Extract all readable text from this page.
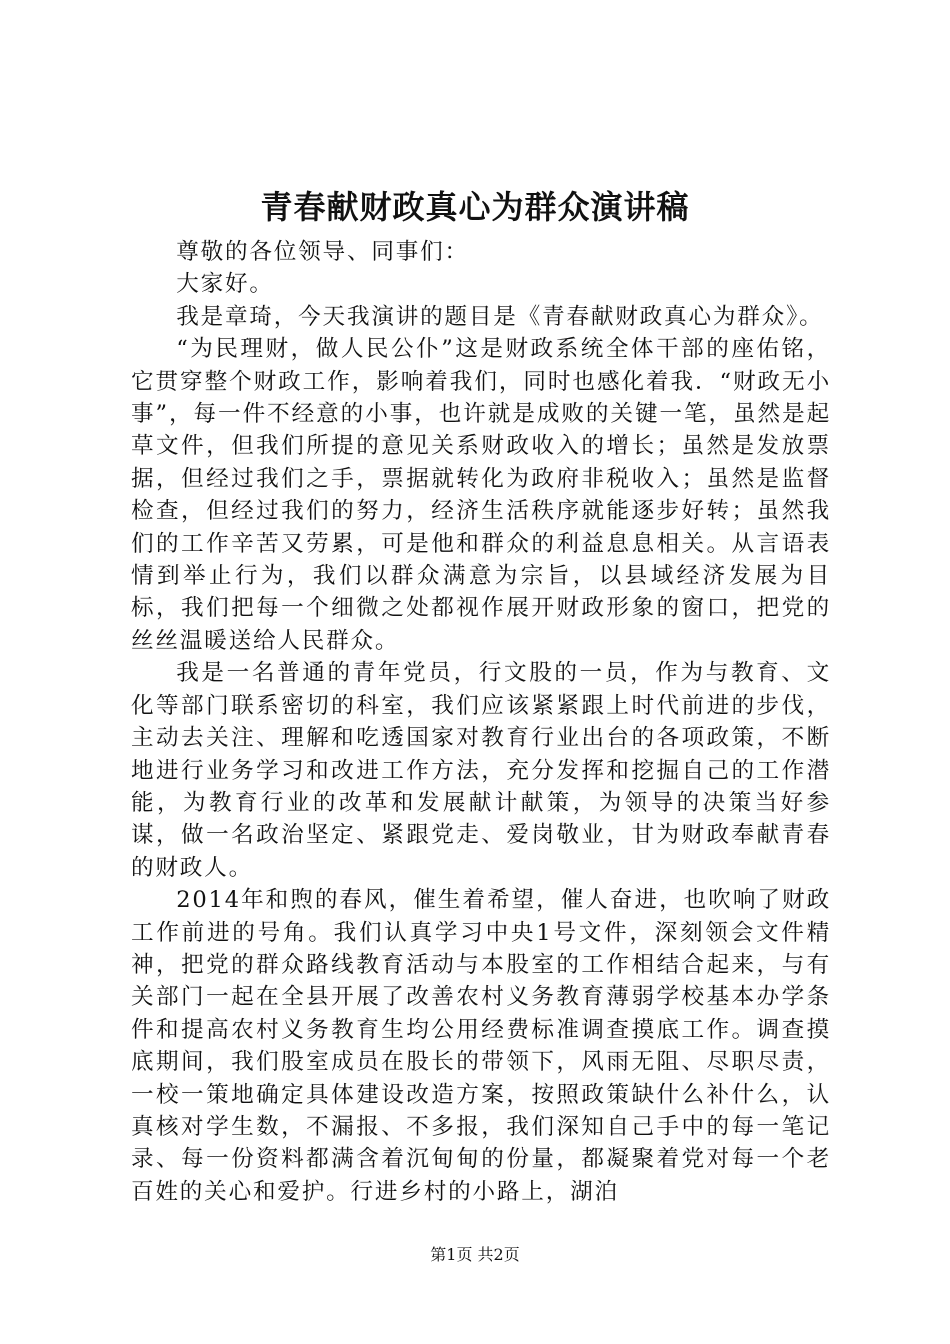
青春献财政真心为群众演讲稿

尊敬的各位领导、同事们：

大家好。

我是章琦，今天我演讲的题目是《青春献财政真心为群众》。

“为民理财，做人民公仆”这是财政系统全体干部的座佑铭，它贯穿整个财政工作，影响着我们，同时也感化着我．“财政无小事”，每一件不经意的小事，也许就是成败的关键一笔，虽然是起草文件，但我们所提的意见关系财政收入的增长；虽然是发放票据，但经过我们之手，票据就转化为政府非税收入；虽然是监督检查，但经过我们的努力，经济生活秩序就能逐步好转；虽然我们的工作辛苦又劳累，可是他和群众的利益息息相关。从言语表情到举止行为，我们以群众满意为宗旨，以县域经济发展为目标，我们把每一个细微之处都视作展开财政形象的窗口，把党的丝丝温暖送给人民群众。

我是一名普通的青年党员，行文股的一员，作为与教育、文化等部门联系密切的科室，我们应该紧紧跟上时代前进的步伐，主动去关注、理解和吃透国家对教育行业出台的各项政策，不断地进行业务学习和改进工作方法，充分发挥和挖掘自己的工作潜能，为教育行业的改革和发展献计献策，为领导的决策当好参谋，做一名政治坚定、紧跟党走、爱岗敬业，甘为财政奉献青春的财政人。

2014年和煦的春风，催生着希望，催人奋进，也吹响了财政工作前进的号角。我们认真学习中央1号文件，深刻领会文件精神，把党的群众路线教育活动与本股室的工作相结合起来，与有关部门一起在全县开展了改善农村义务教育薄弱学校基本办学条件和提高农村义务教育生均公用经费标准调查摸底工作。调查摸底期间，我们股室成员在股长的带领下，风雨无阻、尽职尽责，一校一策地确定具体建设改造方案，按照政策缺什么补什么，认真核对学生数，不漏报、不多报，我们深知自己手中的每一笔记录、每一份资料都满含着沉甸甸的份量，都凝聚着党对每一个老百姓的关心和爱护。行进乡村的小路上，湖泊

第1页 共2页
